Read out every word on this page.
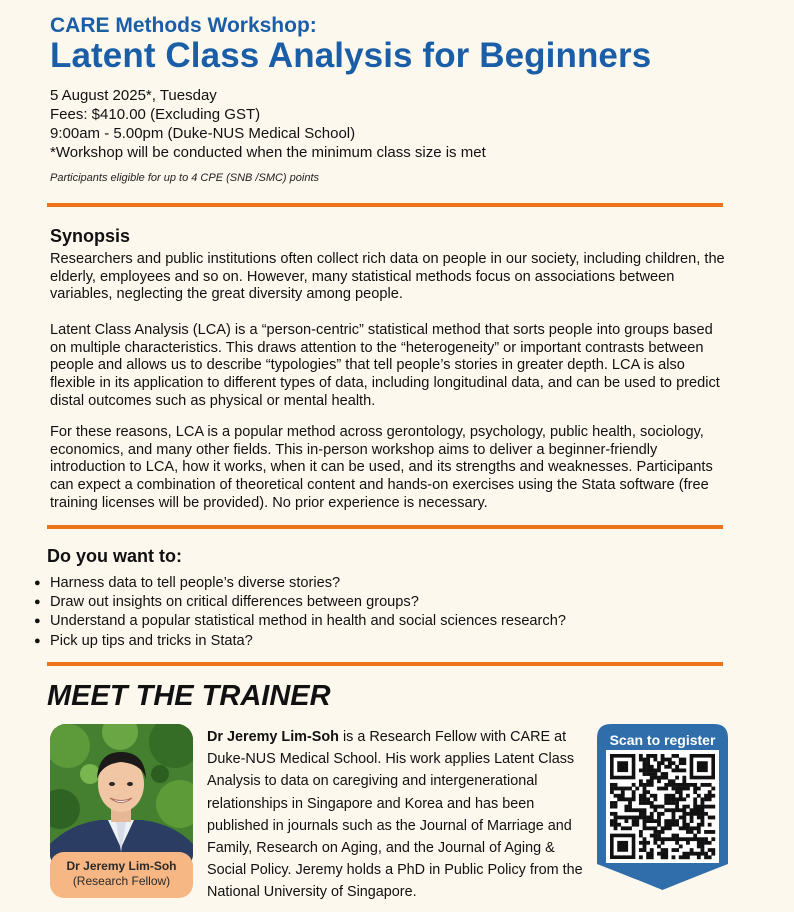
CARE Methods Workshop:
Latent Class Analysis for Beginners
5 August 2025*, Tuesday
Fees: $410.00 (Excluding GST)
9:00am - 5.00pm (Duke-NUS Medical School)
*Workshop will be conducted when the minimum class size is met
Participants eligible for up to 4 CPE (SNB /SMC) points
Synopsis
Researchers and public institutions often collect rich data on people in our society, including children, the elderly, employees and so on. However, many statistical methods focus on associations between variables, neglecting the great diversity among people.
Latent Class Analysis (LCA) is a “person-centric” statistical method that sorts people into groups based on multiple characteristics. This draws attention to the “heterogeneity” or important contrasts between people and allows us to describe “typologies” that tell people’s stories in greater depth. LCA is also flexible in its application to different types of data, including longitudinal data, and can be used to predict distal outcomes such as physical or mental health.
For these reasons, LCA is a popular method across gerontology, psychology, public health, sociology, economics, and many other fields. This in-person workshop aims to deliver a beginner-friendly introduction to LCA, how it works, when it can be used, and its strengths and weaknesses. Participants can expect a combination of theoretical content and hands-on exercises using the Stata software (free training licenses will be provided). No prior experience is necessary.
Do you want to:
● Harness data to tell people’s diverse stories?
● Draw out insights on critical differences between groups?
● Understand a popular statistical method in health and social sciences research?
● Pick up tips and tricks in Stata?
MEET THE TRAINER
Dr Jeremy Lim-Soh
(Research Fellow)
Dr Jeremy Lim-Soh is a Research Fellow with CARE at
Duke-NUS Medical School. His work applies Latent Class
Analysis to data on caregiving and intergenerational
relationships in Singapore and Korea and has been
published in journals such as the Journal of Marriage and
Family, Research on Aging, and the Journal of Aging &
Social Policy. Jeremy holds a PhD in Public Policy from the
National University of Singapore.
Scan to register
